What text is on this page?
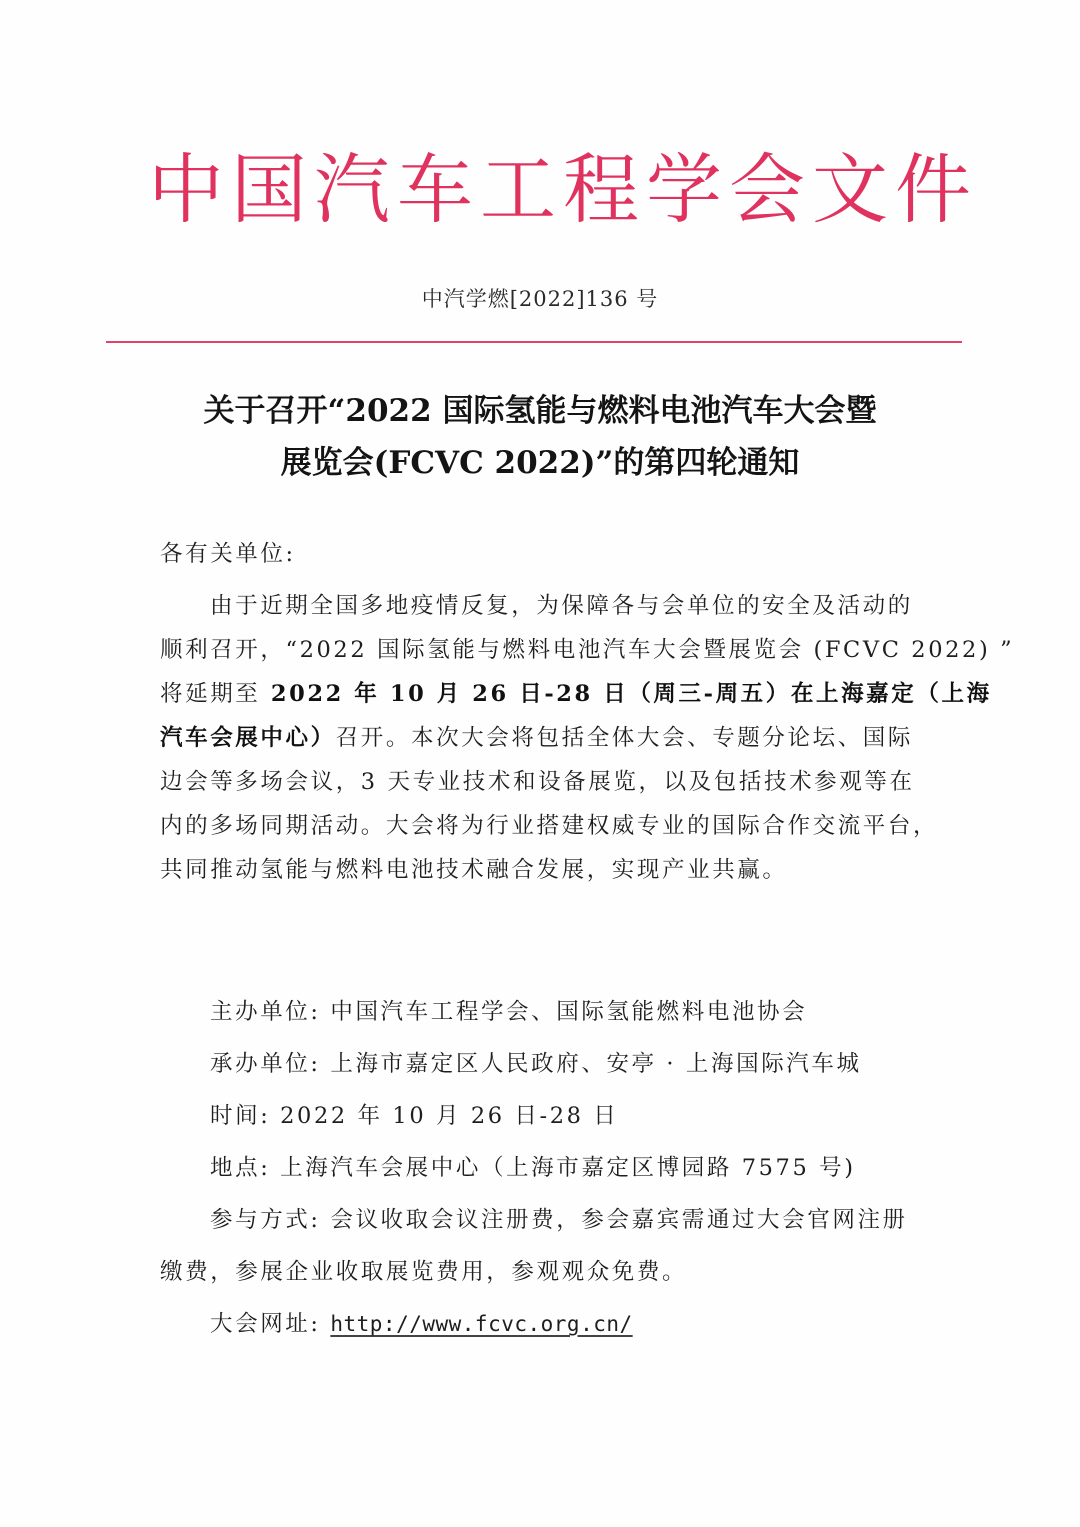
中国汽车工程学会文件
中汽学燃[2022]136 号
关于召开“2022 国际氢能与燃料电池汽车大会暨
展览会(FCVC 2022)”的第四轮通知
各有关单位:
由于近期全国多地疫情反复，为保障各与会单位的安全及活动的
顺利召开，“2022 国际氢能与燃料电池汽车大会暨展览会 (FCVC 2022) ”
将延期至 2022 年 10 月 26 日-28 日（周三-周五）在上海嘉定（上海
汽车会展中心）召开。本次大会将包括全体大会、专题分论坛、国际
边会等多场会议，3 天专业技术和设备展览，以及包括技术参观等在
内的多场同期活动。大会将为行业搭建权威专业的国际合作交流平台，
共同推动氢能与燃料电池技术融合发展，实现产业共赢。
主办单位: 中国汽车工程学会、国际氢能燃料电池协会
承办单位: 上海市嘉定区人民政府、安亭 · 上海国际汽车城
时间: 2022 年 10 月 26 日-28 日
地点: 上海汽车会展中心（上海市嘉定区博园路 7575 号)
参与方式: 会议收取会议注册费，参会嘉宾需通过大会官网注册
缴费，参展企业收取展览费用，参观观众免费。
大会网址: http://www.fcvc.org.cn/
